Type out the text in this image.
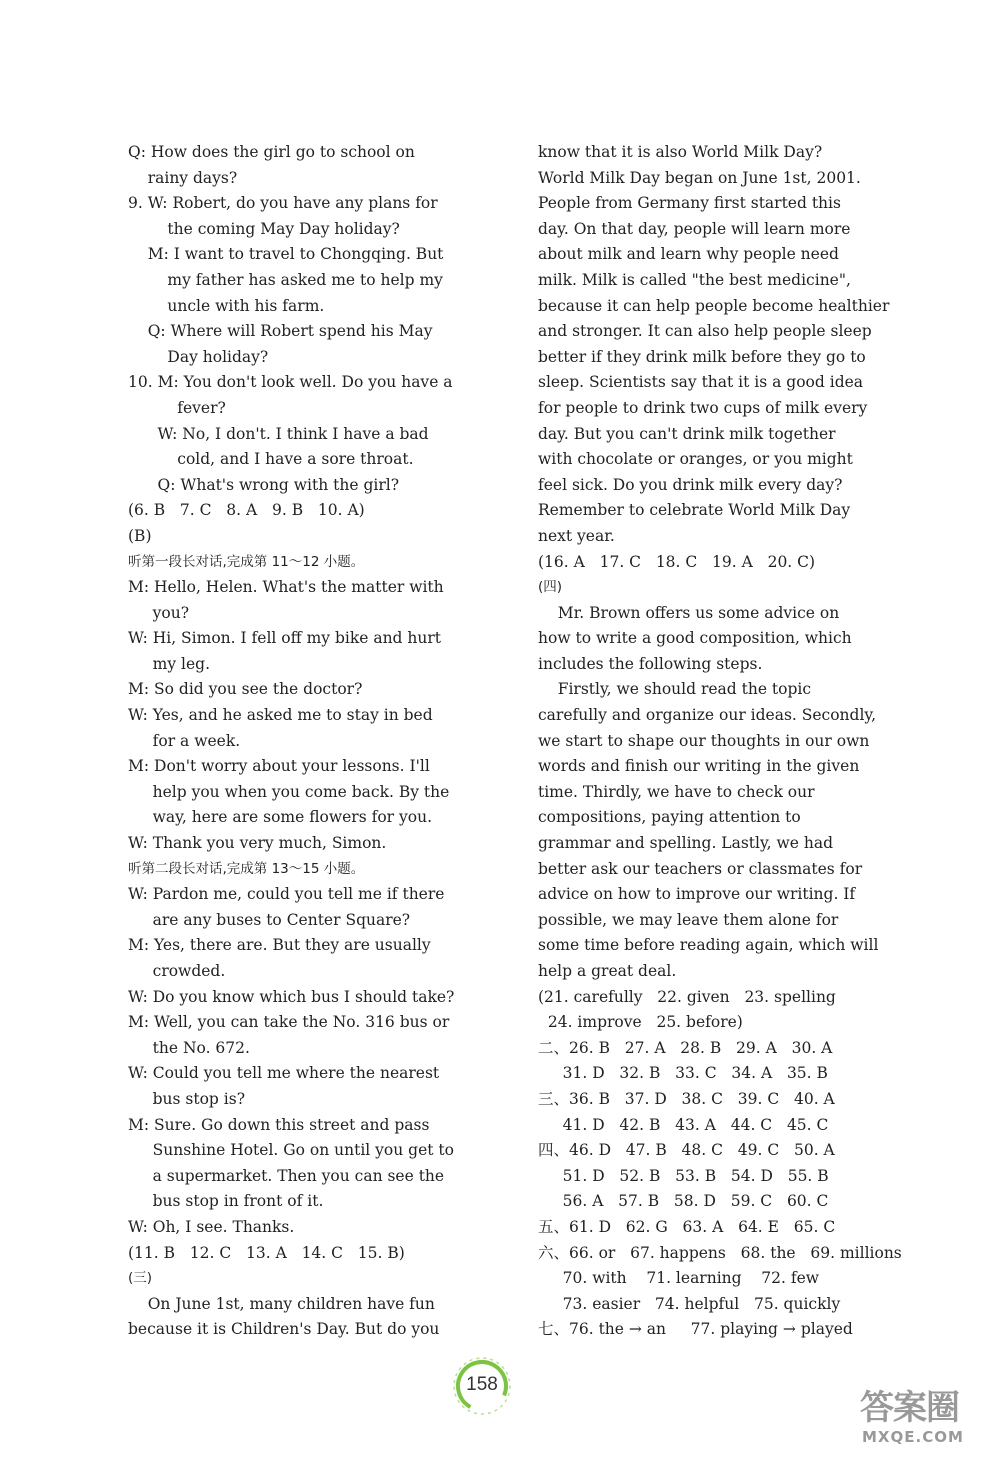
Q: How does the girl go to school on
rainy days?
9. W: Robert, do you have any plans for
the coming May Day holiday?
M: I want to travel to Chongqing. But
my father has asked me to help my
uncle with his farm.
Q: Where will Robert spend his May
Day holiday?
10. M: You don't look well. Do you have a
fever?
W: No, I don't. I think I have a bad
cold, and I have a sore throat.
Q: What's wrong with the girl?
(6. B   7. C   8. A   9. B   10. A)
(B)
听第一段长对话,完成第 11～12 小题。
M: Hello, Helen. What's the matter with
you?
W: Hi, Simon. I fell off my bike and hurt
my leg.
M: So did you see the doctor?
W: Yes, and he asked me to stay in bed
for a week.
M: Don't worry about your lessons. I'll
help you when you come back. By the
way, here are some flowers for you.
W: Thank you very much, Simon.
听第二段长对话,完成第 13～15 小题。
W: Pardon me, could you tell me if there
are any buses to Center Square?
M: Yes, there are. But they are usually
crowded.
W: Do you know which bus I should take?
M: Well, you can take the No. 316 bus or
the No. 672.
W: Could you tell me where the nearest
bus stop is?
M: Sure. Go down this street and pass
Sunshine Hotel. Go on until you get to
a supermarket. Then you can see the
bus stop in front of it.
W: Oh, I see. Thanks.
(11. B   12. C   13. A   14. C   15. B)
(三)
On June 1st, many children have fun
because it is Children's Day. But do you
know that it is also World Milk Day?
World Milk Day began on June 1st, 2001.
People from Germany first started this
day. On that day, people will learn more
about milk and learn why people need
milk. Milk is called "the best medicine",
because it can help people become healthier
and stronger. It can also help people sleep
better if they drink milk before they go to
sleep. Scientists say that it is a good idea
for people to drink two cups of milk every
day. But you can't drink milk together
with chocolate or oranges, or you might
feel sick. Do you drink milk every day?
Remember to celebrate World Milk Day
next year.
(16. A   17. C   18. C   19. A   20. C)
(四)
Mr. Brown offers us some advice on
how to write a good composition, which
includes the following steps.
Firstly, we should read the topic
carefully and organize our ideas. Secondly,
we start to shape our thoughts in our own
words and finish our writing in the given
time. Thirdly, we have to check our
compositions, paying attention to
grammar and spelling. Lastly, we had
better ask our teachers or classmates for
advice on how to improve our writing. If
possible, we may leave them alone for
some time before reading again, which will
help a great deal.
(21. carefully   22. given   23. spelling
24. improve   25. before)
二、26. B   27. A   28. B   29. A   30. A
31. D   32. B   33. C   34. A   35. B
三、36. B   37. D   38. C   39. C   40. A
41. D   42. B   43. A   44. C   45. C
四、46. D   47. B   48. C   49. C   50. A
51. D   52. B   53. B   54. D   55. B
56. A   57. B   58. D   59. C   60. C
五、61. D   62. G   63. A   64. E   65. C
六、66. or   67. happens   68. the   69. millions
70. with    71. learning    72. few
73. easier   74. helpful   75. quickly
七、76. the → an     77. playing → played
158
答案圈
MXQE.COM
